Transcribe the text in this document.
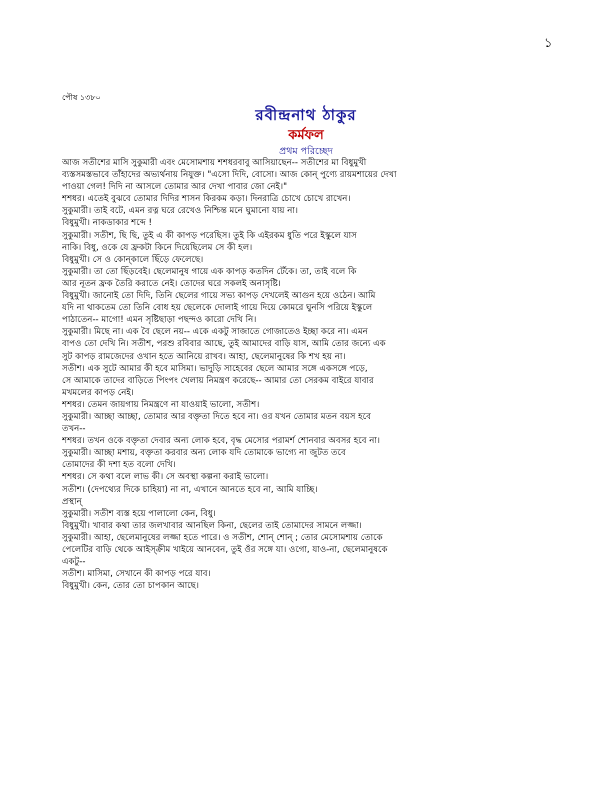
১
পৌষ ১৩৮০
রবীন্দ্রনাথ ঠাকুর
কর্মফল
প্রথম পরিচ্ছেদ

আজ সতীশের মাসি সুকুমারী এবং মেসোমশায় শশধরবাবু আসিয়াছেন-- সতীশের মা বিধুমুখী

ব্যস্তসমস্তভাবে তাঁহাদের অভ্যর্থনায় নিযুক্ত। "এসো দিদি, বোসো। আজ কোন্‌ পুণ্যে রায়মশায়ের দেখা

পাওয়া গেল! দিদি না আসলে তোমার আর দেখা পাবার জো নেই।"

শশধর। এতেই বুঝবে তোমার দিদির শাসন কিরকম কড়া। দিনরাত্রি চোখে চোখে রাখেন।

সুকুমারী। তাই বটে, এমন রত্ন ঘরে রেখেও নিশ্চিন্ত মনে ঘুমানো যায় না।

বিধুমুখী। নাকডাকার শব্দে !

সুকুমারী। সতীশ, ছি ছি, তুই এ কী কাপড় পরেছিস। তুই কি এইরকম ধুতি পরে ইস্কুলে যাস

নাকি। বিধু, ওকে যে ফ্রকটা কিনে দিয়েছিলেম সে কী হল।

বিধুমুখী। সে ও কোন্‌কালে ছিঁড়ে ফেলেছে।

সুকুমারী। তা তো ছিঁড়বেই। ছেলেমানুষ গায়ে এক কাপড় কতদিন টেঁকে। তা, তাই বলে কি

আর নূতন ফ্রক তৈরি করাতে নেই। তোদের ঘরে সকলই অনাসৃষ্টি।

বিধুমুখী। জানোই তো দিদি, তিনি ছেলের গায়ে সভ্য কাপড় দেখলেই আগুন হয়ে ওঠেন। আমি

যদি না থাকতেম তো তিনি বোধ হয় ছেলেকে দোলাই গায়ে দিয়ে কোমরে ঘুনসি পরিয়ে ইস্কুলে

পাঠাতেন-- মাগো! এমন সৃষ্টিছাড়া পছন্দও কারো দেখি নি।

সুকুমারী। মিছে না। এক বৈ ছেলে নয়-- একে একটু সাজাতে গোজাতেও ইচ্ছা করে না। এমন

বাপও তো দেখি নি। সতীশ, পরশু রবিবার আছে, তুই আমাদের বাড়ি যাস, আমি তোর জন্যে এক

সুট কাপড় রামজেদের ওখান হতে আনিয়ে রাখব। আহা, ছেলেমানুষের কি শখ হয় না।

সতীশ। এক সুটে আমার কী হবে মাসিমা। ভাদুড়ি সাহেবের ছেলে আমার সঙ্গে একসঙ্গে পড়ে,

সে আমাকে তাদের বাড়িতে পিংপং খেলায় নিমন্ত্রণ করেছে-- আমার তো সেরকম বাইরে যাবার

মখমলের কাপড় নেই।

শশধর। তেমন জায়গায় নিমন্ত্রণে না যাওয়াই ভালো, সতীশ।

সুকুমারী। আচ্ছা আচ্ছা, তোমার আর বক্তৃতা দিতে হবে না। ওর যখন তোমার মতন বয়স হবে

তখন--

শশধর। তখন ওকে বক্তৃতা দেবার অন্য লোক হবে, বৃদ্ধ মেসোর পরামর্শ শোনবার অবসর হবে না।

সুকুমারী। আচ্ছা মশায়, বক্তৃতা করবার অন্য লোক যদি তোমাকে ভাগ্যে না জুটত তবে

তোমাদের কী দশা হত বলো দেখি।

শশধর। সে কথা বলে লাভ কী। সে অবস্থা কল্পনা করাই ভালো।

সতীশ। (দেপথ্যের দিকে চাহিয়া) না না, এখানে আনতে হবে না, আমি যাচ্ছি।

প্রস্থান্‌

সুকুমারী। সতীশ ব্যস্ত হয়ে পালালো কেন, বিধু।

বিধুমুখী। খাবার কথা তার জলখাবার আনছিল কিনা, ছেলের তাই তোমাদের সামনে লজ্জা।

সুকুমারী। আহা, ছেলেমানুষের লজ্জা হতে পারে। ও সতীশ, শোন্‌ শোন্‌ ; তোর মেসোমশায় তোকে

পেলেটির বাড়ি থেকে আইস্‌ক্রীম খাইয়ে আনবেন, তুই ওঁর সঙ্গে যা। ওগো, যাও-না, ছেলেমানুষকে

একটু--

সতীশ। মাসিমা, সেখানে কী কাপড় পরে যাব।

বিধুমুখী। কেন, তোর তো চাপকান আছে।
